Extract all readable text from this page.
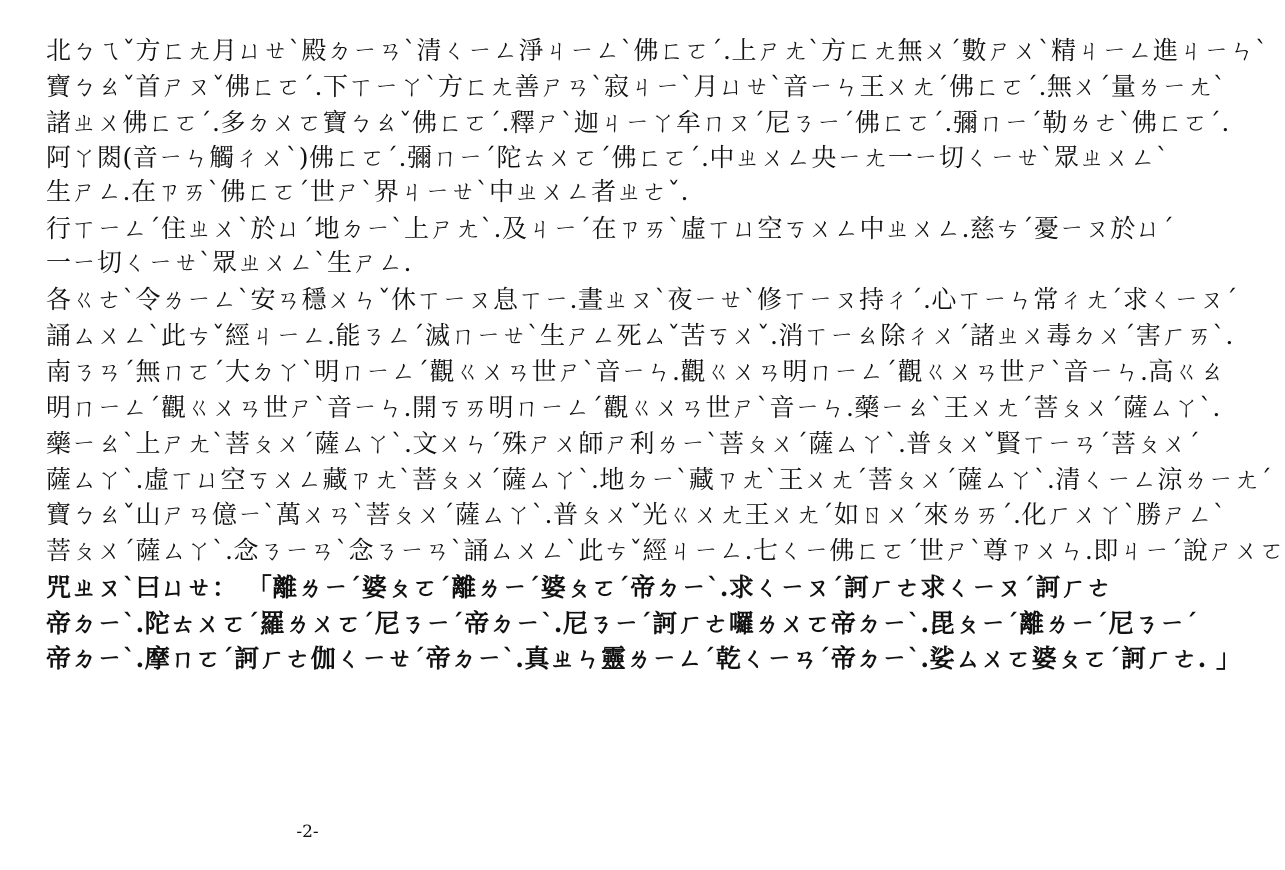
北ㄅㄟˇ方ㄈㄤ月ㄩㄝˋ殿ㄉㄧㄢˋ清ㄑㄧㄥ淨ㄐㄧㄥˋ佛ㄈㄛˊ.上ㄕㄤˋ方ㄈㄤ無ㄨˊ數ㄕㄨˋ精ㄐㄧㄥ進ㄐㄧㄣˋ
寶ㄅㄠˇ首ㄕㄡˇ佛ㄈㄛˊ.下ㄒㄧㄚˋ方ㄈㄤ善ㄕㄢˋ寂ㄐㄧˋ月ㄩㄝˋ音ㄧㄣ王ㄨㄤˊ佛ㄈㄛˊ.無ㄨˊ量ㄌㄧㄤˋ
諸ㄓㄨ佛ㄈㄛˊ.多ㄉㄨㄛ寶ㄅㄠˇ佛ㄈㄛˊ.釋ㄕˋ迦ㄐㄧㄚ牟ㄇㄡˊ尼ㄋㄧˊ佛ㄈㄛˊ.彌ㄇㄧˊ勒ㄌㄜˋ佛ㄈㄛˊ.
阿ㄚ閦(音ㄧㄣ觸ㄔㄨˋ)佛ㄈㄛˊ.彌ㄇㄧˊ陀ㄊㄨㄛˊ佛ㄈㄛˊ.中ㄓㄨㄥ央ㄧㄤ一ㄧ切ㄑㄧㄝˋ眾ㄓㄨㄥˋ
生ㄕㄥ.在ㄗㄞˋ佛ㄈㄛˊ世ㄕˋ界ㄐㄧㄝˋ中ㄓㄨㄥ者ㄓㄜˇ.
行ㄒㄧㄥˊ住ㄓㄨˋ於ㄩˊ地ㄉㄧˋ上ㄕㄤˋ.及ㄐㄧˊ在ㄗㄞˋ虛ㄒㄩ空ㄎㄨㄥ中ㄓㄨㄥ.慈ㄘˊ憂ㄧㄡ於ㄩˊ
一ㄧ切ㄑㄧㄝˋ眾ㄓㄨㄥˋ生ㄕㄥ.
各ㄍㄜˋ令ㄌㄧㄥˋ安ㄢ穩ㄨㄣˇ休ㄒㄧㄡ息ㄒㄧ.晝ㄓㄡˋ夜ㄧㄝˋ修ㄒㄧㄡ持ㄔˊ.心ㄒㄧㄣ常ㄔㄤˊ求ㄑㄧㄡˊ
誦ㄙㄨㄥˋ此ㄘˇ經ㄐㄧㄥ.能ㄋㄥˊ滅ㄇㄧㄝˋ生ㄕㄥ死ㄙˇ苦ㄎㄨˇ.消ㄒㄧㄠ除ㄔㄨˊ諸ㄓㄨ毒ㄉㄨˊ害ㄏㄞˋ.
南ㄋㄢˊ無ㄇㄛˊ大ㄉㄚˋ明ㄇㄧㄥˊ觀ㄍㄨㄢ世ㄕˋ音ㄧㄣ.觀ㄍㄨㄢ明ㄇㄧㄥˊ觀ㄍㄨㄢ世ㄕˋ音ㄧㄣ.高ㄍㄠ
明ㄇㄧㄥˊ觀ㄍㄨㄢ世ㄕˋ音ㄧㄣ.開ㄎㄞ明ㄇㄧㄥˊ觀ㄍㄨㄢ世ㄕˋ音ㄧㄣ.藥ㄧㄠˋ王ㄨㄤˊ菩ㄆㄨˊ薩ㄙㄚˋ.
藥ㄧㄠˋ上ㄕㄤˋ菩ㄆㄨˊ薩ㄙㄚˋ.文ㄨㄣˊ殊ㄕㄨ師ㄕ利ㄌㄧˋ菩ㄆㄨˊ薩ㄙㄚˋ.普ㄆㄨˇ賢ㄒㄧㄢˊ菩ㄆㄨˊ
薩ㄙㄚˋ.虛ㄒㄩ空ㄎㄨㄥ藏ㄗㄤˋ菩ㄆㄨˊ薩ㄙㄚˋ.地ㄉㄧˋ藏ㄗㄤˋ王ㄨㄤˊ菩ㄆㄨˊ薩ㄙㄚˋ.清ㄑㄧㄥ涼ㄌㄧㄤˊ
寶ㄅㄠˇ山ㄕㄢ億ㄧˋ萬ㄨㄢˋ菩ㄆㄨˊ薩ㄙㄚˋ.普ㄆㄨˇ光ㄍㄨㄤ王ㄨㄤˊ如ㄖㄨˊ來ㄌㄞˊ.化ㄏㄨㄚˋ勝ㄕㄥˋ
菩ㄆㄨˊ薩ㄙㄚˋ.念ㄋㄧㄢˋ念ㄋㄧㄢˋ誦ㄙㄨㄥˋ此ㄘˇ經ㄐㄧㄥ.七ㄑㄧ佛ㄈㄛˊ世ㄕˋ尊ㄗㄨㄣ.即ㄐㄧˊ說ㄕㄨㄛ
咒ㄓㄡˋ曰ㄩㄝ： 「離ㄌㄧˊ婆ㄆㄛˊ離ㄌㄧˊ婆ㄆㄛˊ帝ㄉㄧˋ.求ㄑㄧㄡˊ訶ㄏㄜ求ㄑㄧㄡˊ訶ㄏㄜ
帝ㄉㄧˋ.陀ㄊㄨㄛˊ羅ㄌㄨㄛˊ尼ㄋㄧˊ帝ㄉㄧˋ.尼ㄋㄧˊ訶ㄏㄜ囉ㄌㄨㄛ帝ㄉㄧˋ.毘ㄆㄧˊ離ㄌㄧˊ尼ㄋㄧˊ
帝ㄉㄧˋ.摩ㄇㄛˊ訶ㄏㄜ伽ㄑㄧㄝˊ帝ㄉㄧˋ.真ㄓㄣ靈ㄌㄧㄥˊ乾ㄑㄧㄢˊ帝ㄉㄧˋ.娑ㄙㄨㄛ婆ㄆㄛˊ訶ㄏㄜ. 」
-2-
